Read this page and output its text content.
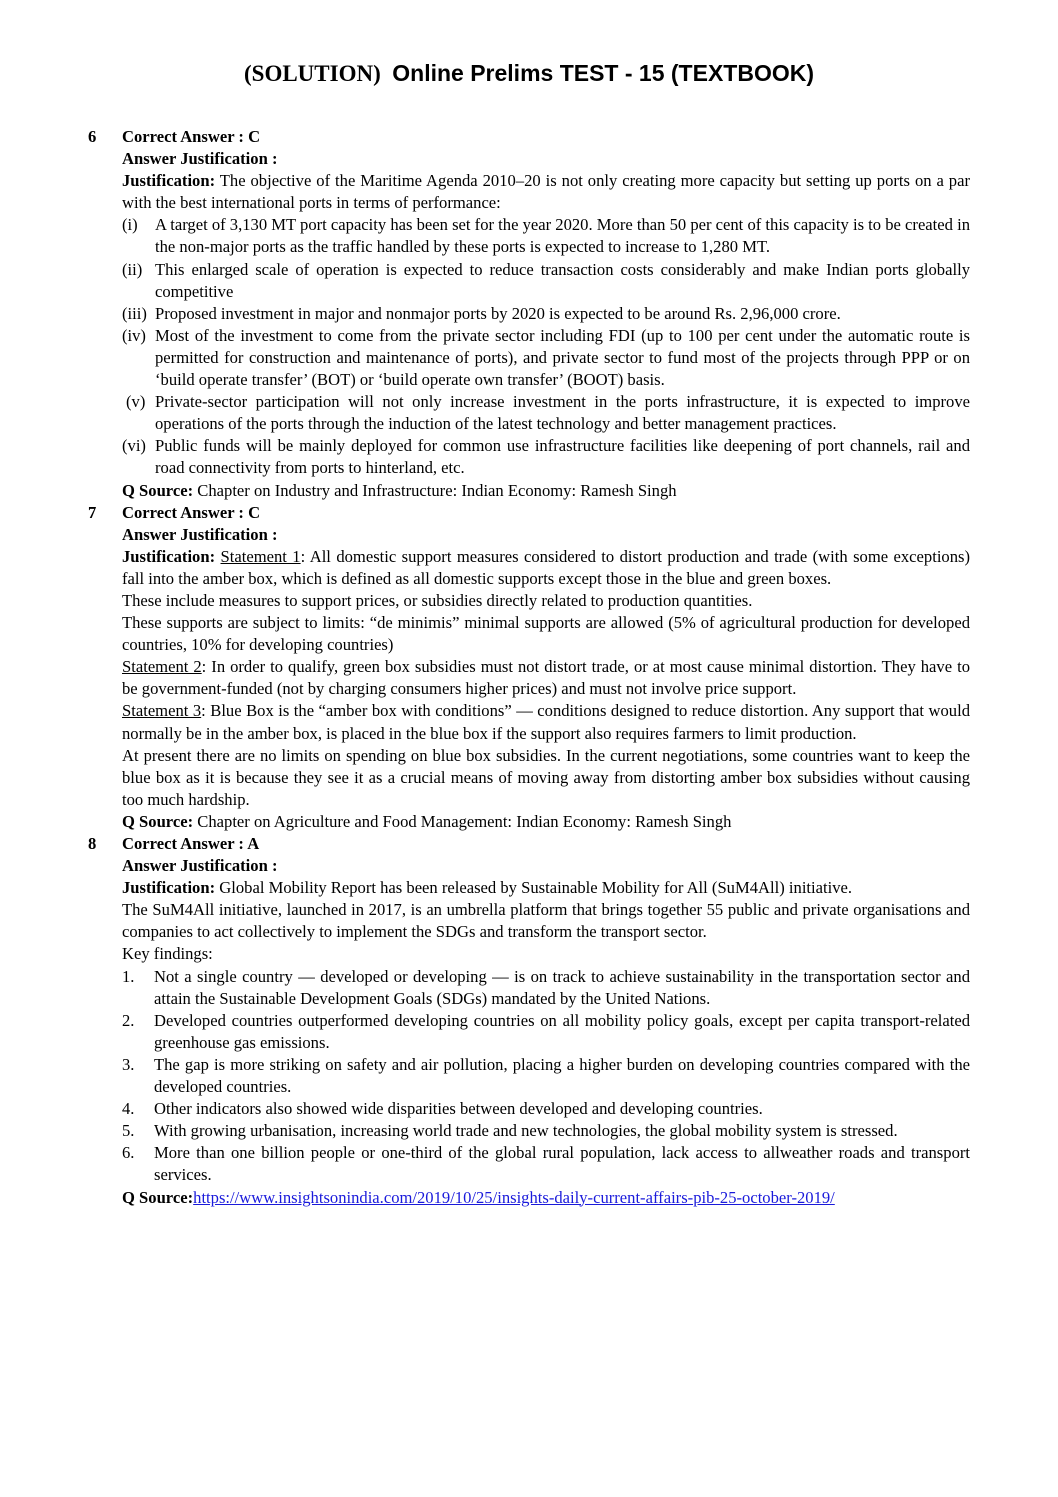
(SOLUTION) Online Prelims TEST - 15 (TEXTBOOK)
6 Correct Answer : C
Answer Justification :
Justification: The objective of the Maritime Agenda 2010–20 is not only creating more capacity but setting up ports on a par with the best international ports in terms of performance:
(i) A target of 3,130 MT port capacity has been set for the year 2020. More than 50 per cent of this capacity is to be created in the non-major ports as the traffic handled by these ports is expected to increase to 1,280 MT.
(ii) This enlarged scale of operation is expected to reduce transaction costs considerably and make Indian ports globally competitive
(iii) Proposed investment in major and nonmajor ports by 2020 is expected to be around Rs. 2,96,000 crore.
(iv) Most of the investment to come from the private sector including FDI (up to 100 per cent under the automatic route is permitted for construction and maintenance of ports), and private sector to fund most of the projects through PPP or on ‘build operate transfer’ (BOT) or ‘build operate own transfer’ (BOOT) basis.
(v) Private-sector participation will not only increase investment in the ports infrastructure, it is expected to improve operations of the ports through the induction of the latest technology and better management practices.
(vi) Public funds will be mainly deployed for common use infrastructure facilities like deepening of port channels, rail and road connectivity from ports to hinterland, etc.
Q Source: Chapter on Industry and Infrastructure: Indian Economy: Ramesh Singh
7 Correct Answer : C
Answer Justification :
Justification: Statement 1: All domestic support measures considered to distort production and trade (with some exceptions) fall into the amber box, which is defined as all domestic supports except those in the blue and green boxes.
These include measures to support prices, or subsidies directly related to production quantities.
These supports are subject to limits: “de minimis” minimal supports are allowed (5% of agricultural production for developed countries, 10% for developing countries)
Statement 2: In order to qualify, green box subsidies must not distort trade, or at most cause minimal distortion. They have to be government-funded (not by charging consumers higher prices) and must not involve price support.
Statement 3: Blue Box is the “amber box with conditions” — conditions designed to reduce distortion. Any support that would normally be in the amber box, is placed in the blue box if the support also requires farmers to limit production.
At present there are no limits on spending on blue box subsidies. In the current negotiations, some countries want to keep the blue box as it is because they see it as a crucial means of moving away from distorting amber box subsidies without causing too much hardship.
Q Source: Chapter on Agriculture and Food Management: Indian Economy: Ramesh Singh
8 Correct Answer : A
Answer Justification :
Justification: Global Mobility Report has been released by Sustainable Mobility for All (SuM4All) initiative.
The SuM4All initiative, launched in 2017, is an umbrella platform that brings together 55 public and private organisations and companies to act collectively to implement the SDGs and transform the transport sector.
Key findings:
1. Not a single country — developed or developing — is on track to achieve sustainability in the transportation sector and attain the Sustainable Development Goals (SDGs) mandated by the United Nations.
2. Developed countries outperformed developing countries on all mobility policy goals, except per capita transport-related greenhouse gas emissions.
3. The gap is more striking on safety and air pollution, placing a higher burden on developing countries compared with the developed countries.
4. Other indicators also showed wide disparities between developed and developing countries.
5. With growing urbanisation, increasing world trade and new technologies, the global mobility system is stressed.
6. More than one billion people or one-third of the global rural population, lack access to allweather roads and transport services.
Q Source:https://www.insightsonindia.com/2019/10/25/insights-daily-current-affairs-pib-25-october-2019/
